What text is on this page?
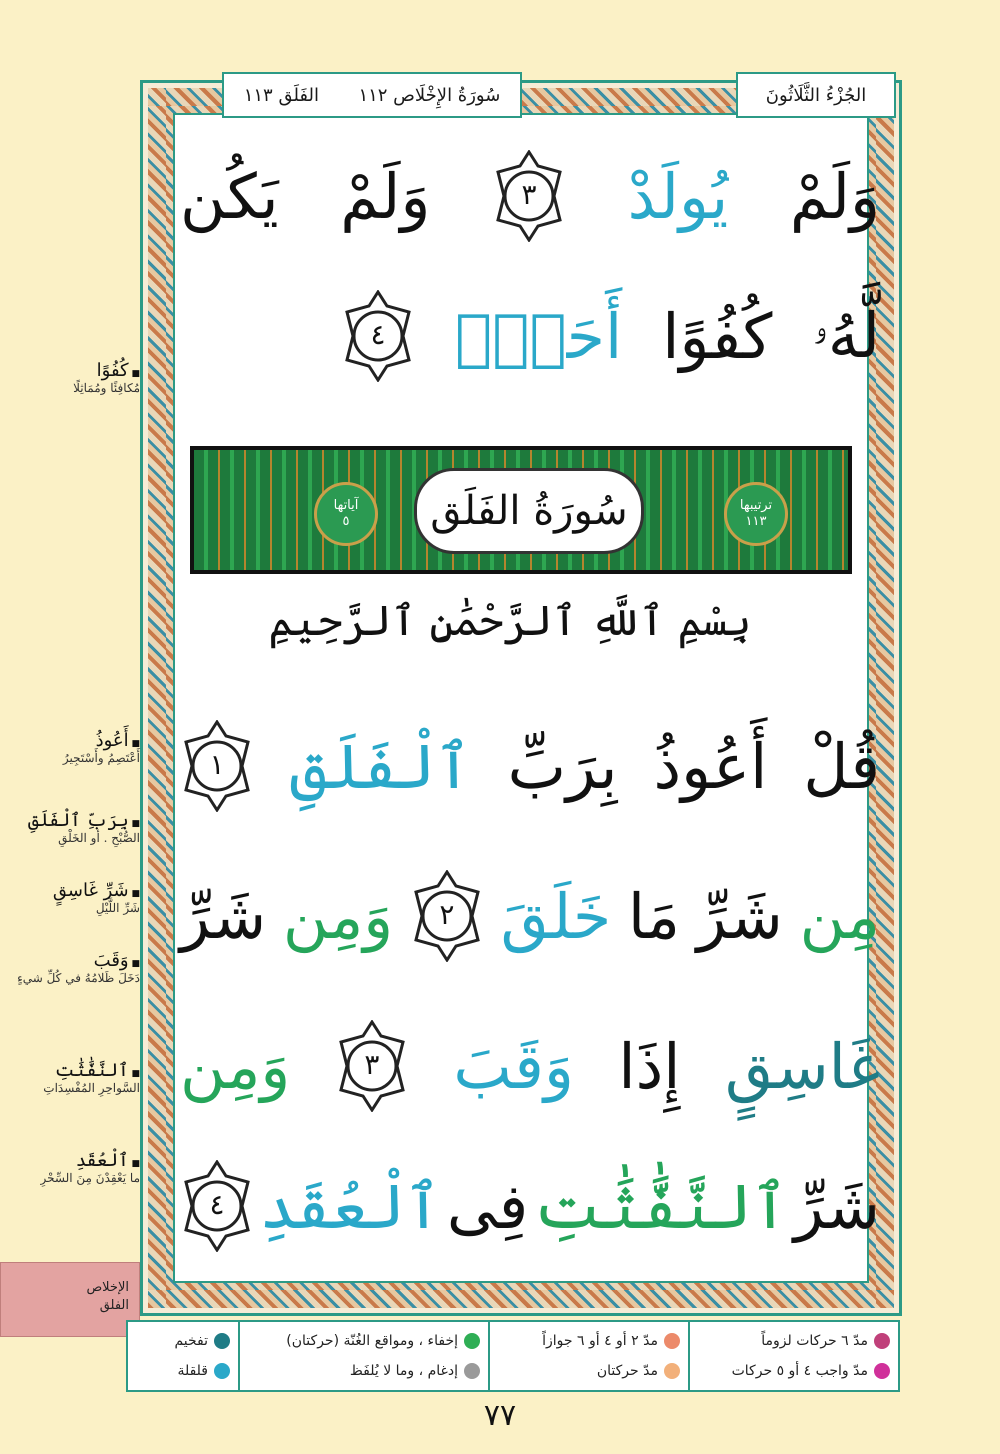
سُورَةُ الإِخْلَاص ١١٢
الفَلَق ١١٣	الجُزْءُ الثَّلَاثُونَ
وَلَمْ
يُولَدْ
٣
وَلَمْ
يَكُن
لَّهُۥ
كُفُوًا
أَحَدٌۢ
٤
ترتيبها
١١٣
سُورَةُ الفَلَق
آياتها
٥
بِسْمِ ٱللَّهِ ٱلرَّحْمَٰنِ ٱلرَّحِيمِ
قُلْ
أَعُوذُ
بِرَبِّ
ٱلْفَلَقِ
١
مِن
شَرِّ
مَا
خَلَقَ
٢
وَمِن
شَرِّ
غَاسِقٍ
إِذَا
وَقَبَ
٣
وَمِن
شَرِّ
ٱلنَّفَّٰثَٰتِ
فِى
ٱلْعُقَدِ
٤
■ كُفُوًا
مُكافِئًا ومُمَاثِلًا
■ أَعُوذُ
أَعْتَصِمُ وأَسْتَجِيرُ
■ بِرَبِّ ٱلْفَلَقِ
الصُّبْحِ . أو الخَلْقِ
■ شَرِّ غَاسِقٍ
شَرِّ اللَّيْلِ
■ وَقَبَ
دَخَلَ ظَلامُهُ في كُلِّ شيءٍ
■ ٱلنَّفَّٰثَٰتِ
السَّواحِرِ المُفْسِدَاتِ
■ ٱلْعُقَدِ
ما يَعْقِدْنَ مِنَ السِّحْرِ
الإخلاص
الفلق
مدّ ٦ حركات لزوماً
مدّ واجب ٤ أو ٥ حركات
مدّ ٢ أو ٤ أو ٦ جوازاً
مدّ حركتان
إخفاء ، ومواقع الغُنّة (حركتان)
إدغام ، وما لا يُلفَظ
تفخيم
قلقلة
٧٧
